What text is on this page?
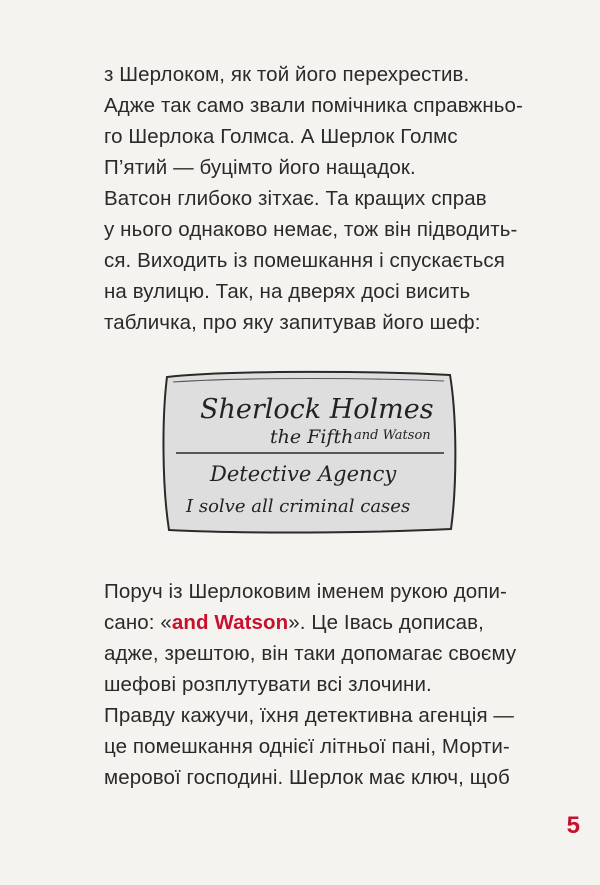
з Шерлоком, як той його перехрестив.
Адже так само звали помічника справжньо-
го Шерлока Голмса. А Шерлок Голмс
П’ятий — буцімто його нащадок.
Ватсон глибоко зітхає. Та кращих справ
у нього однаково немає, тож він підводить-
ся. Виходить із помешкання і спускається
на вулицю. Так, на дверях досі висить
табличка, про яку запитував його шеф:
Sherlock Holmes
the Fifth and Watson
Detective Agency
I solve all criminal cases
Поруч із Шерлоковим іменем рукою допи-
сано: «and Watson». Це Івась дописав,
адже, зрештою, він таки допомагає своєму
шефові розплутувати всі злочини.
Правду кажучи, їхня детективна агенція —
це помешкання однієї літньої пані, Морти-
мерової господині. Шерлок має ключ, щоб
5
